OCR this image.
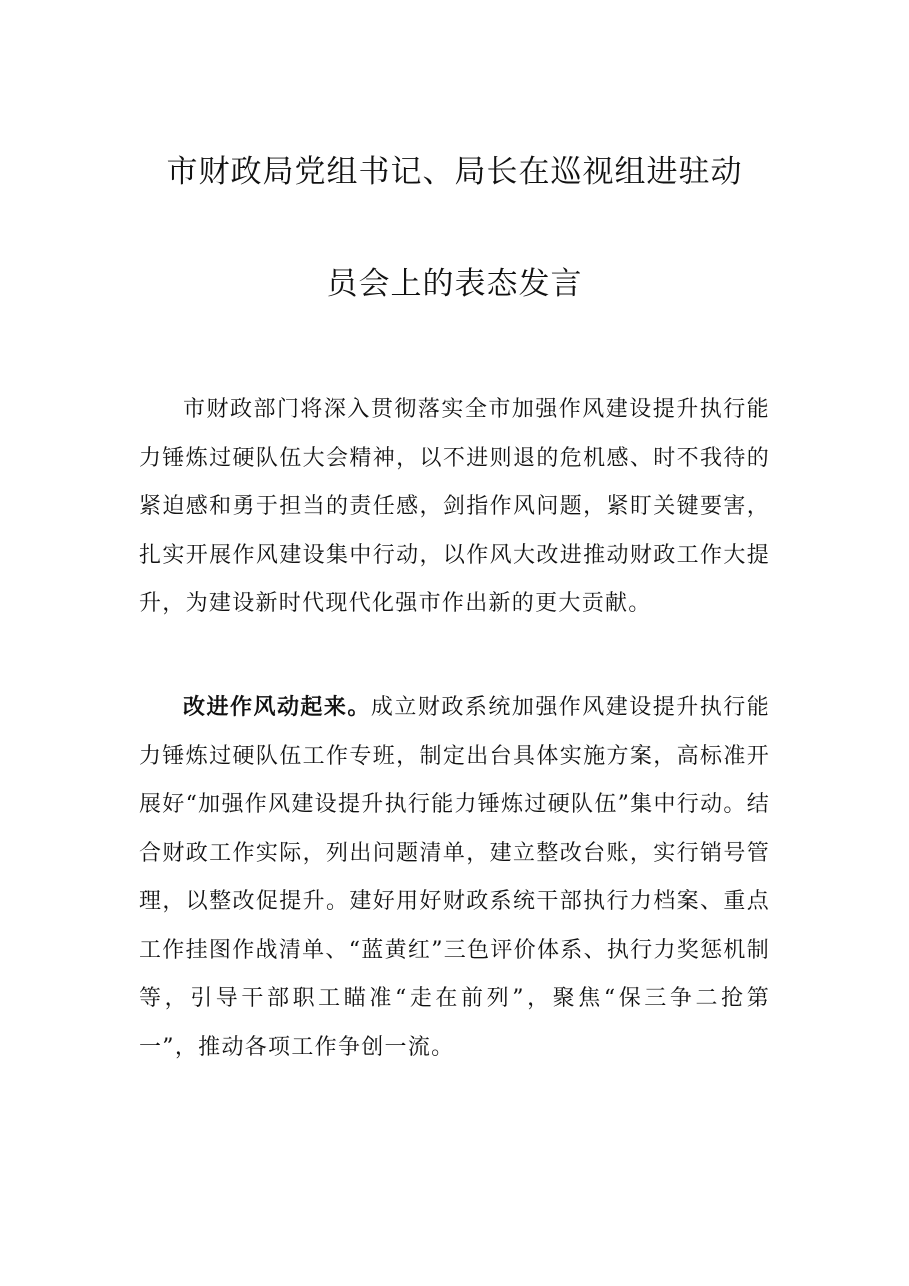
市财政局党组书记、局长在巡视组进驻动
员会上的表态发言

市财政部门将深入贯彻落实全市加强作风建设提升执行能力锤炼过硬队伍大会精神，以不进则退的危机感、时不我待的紧迫感和勇于担当的责任感，剑指作风问题，紧盯关键要害，扎实开展作风建设集中行动，以作风大改进推动财政工作大提升，为建设新时代现代化强市作出新的更大贡献。

改进作风动起来。成立财政系统加强作风建设提升执行能力锤炼过硬队伍工作专班，制定出台具体实施方案，高标准开展好“加强作风建设提升执行能力锤炼过硬队伍”集中行动。结合财政工作实际，列出问题清单，建立整改台账，实行销号管理，以整改促提升。建好用好财政系统干部执行力档案、重点工作挂图作战清单、“蓝黄红”三色评价体系、执行力奖惩机制等，引导干部职工瞄准“走在前列”，聚焦“保三争二抢第一”，推动各项工作争创一流。
